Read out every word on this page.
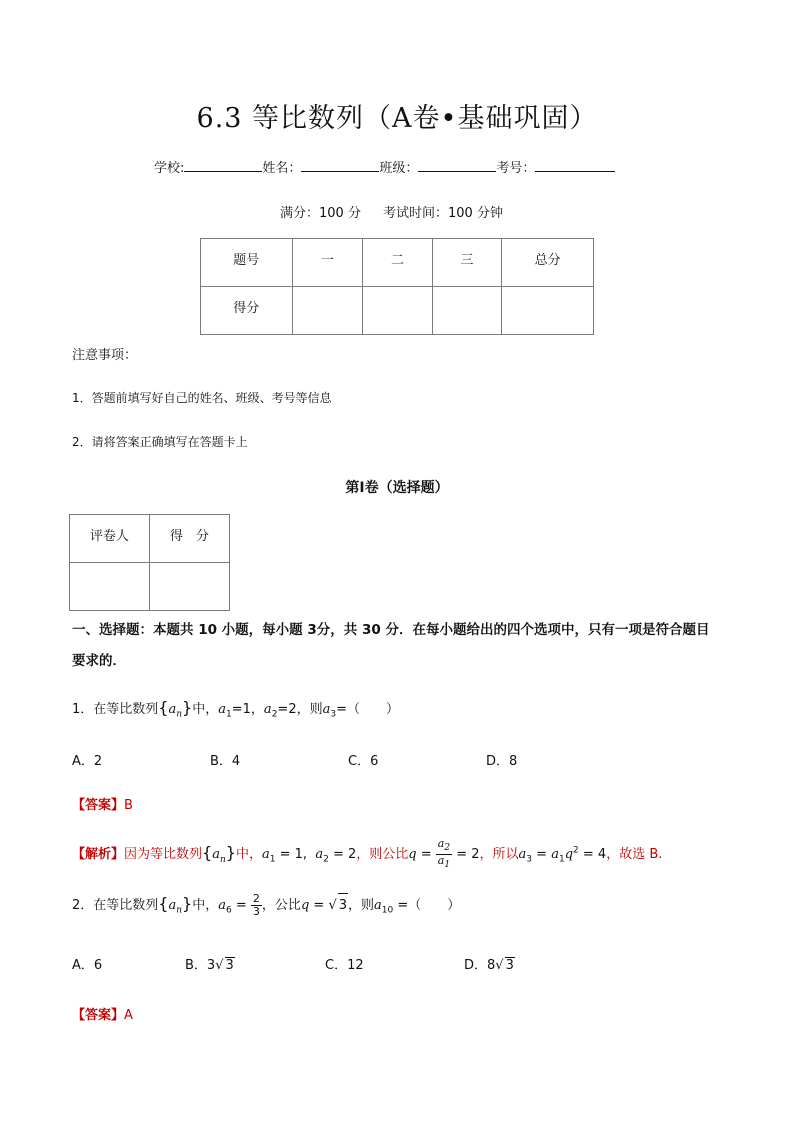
6.3 等比数列（A卷•基础巩固）
学校:	姓名：	班级：	考号：
满分：100 分 考试时间：100 分钟
题号	一	二	三	总分
得分				
注意事项：
1．答题前填写好自己的姓名、班级、考号等信息
2．请将答案正确填写在答题卡上
第Ⅰ卷（选择题）
评卷人	得　分

一、选择题：本题共 10 小题，每小题 3分，共 30 分．在每小题给出的四个选项中，只有一项是符合题目
要求的．
1．在等比数列$\{a_n\}$中，$a_1=1$，$a_2=2$，则$a_3=$（　　）
A．2	B．4	C．6	D．8
【答案】B
【解析】因为等比数列$\{a_n\}$中，$a_1 = 1$, $a_2 = 2$，则公比$q = \frac{a_2}{a_1} = 2$，所以$a_3 = a_1q^2 = 4$，故选 B.
2．在等比数列$\{a_n\}$中，$a_6 = \frac{2}{3}$ ，公比q = √ 3，则$a_{10}$ =（　　）
A．6	B．3√ 3	C．12	D．8√ 3
【答案】A
